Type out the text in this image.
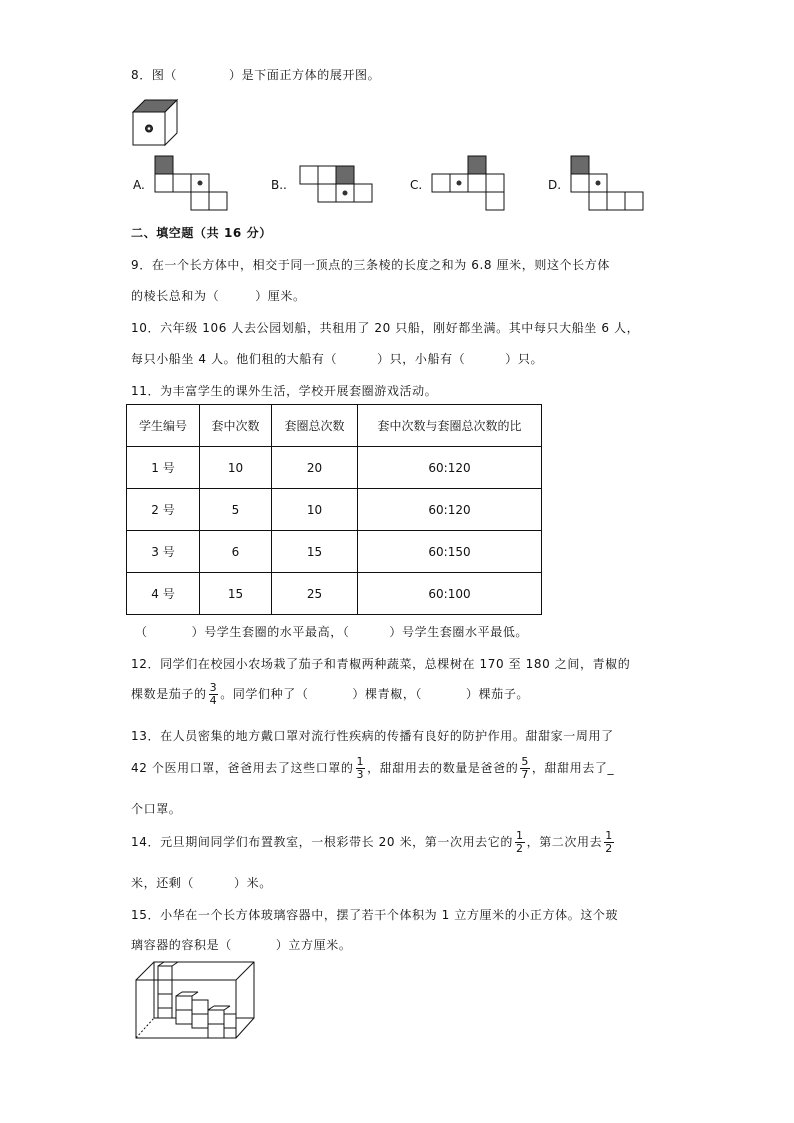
8．图（	）是下面正方体的展开图。
A.	B..	C.	D.
二、填空题（共 16 分）
9．在一个长方体中，相交于同一顶点的三条棱的长度之和为 6.8 厘米，则这个长方体
的棱长总和为（	）厘米。
10．六年级 106 人去公园划船，共租用了 20 只船，刚好都坐满。其中每只大船坐 6 人，
每只小船坐 4 人。他们租的大船有（	）只，小船有（	）只。
11．为丰富学生的课外生活，学校开展套圈游戏活动。
学生编号	套中次数	套圈总次数	套中次数与套圈总次数的比
1 号	10	20	60:120
2 号	5	10	60:120
3 号	6	15	60:150
4 号	15	25	60:100
（	）号学生套圈的水平最高，（	）号学生套圈水平最低。
12．同学们在校园小农场栽了茄子和青椒两种蔬菜，总棵树在 170 至 180 之间，青椒的
棵数是茄子的 $\frac{3}{4}$ 。同学们种了（	）棵青椒，（	）棵茄子。
13．在人员密集的地方戴口罩对流行性疾病的传播有良好的防护作用。甜甜家一周用了
42 个医用口罩，爸爸用去了这些口罩的 $\frac{1}{3}$ ，甜甜用去的数量是爸爸的 $\frac{5}{7}$ ，甜甜用去了_
个口罩。
14．元旦期间同学们布置教室，一根彩带长 20 米，第一次用去它的 $\frac{1}{2}$ ，第二次用去 $\frac{1}{2}$
米，还剩（	）米。
15．小华在一个长方体玻璃容器中，摆了若干个体积为 1 立方厘米的小正方体。这个玻
璃容器的容积是（	）立方厘米。
